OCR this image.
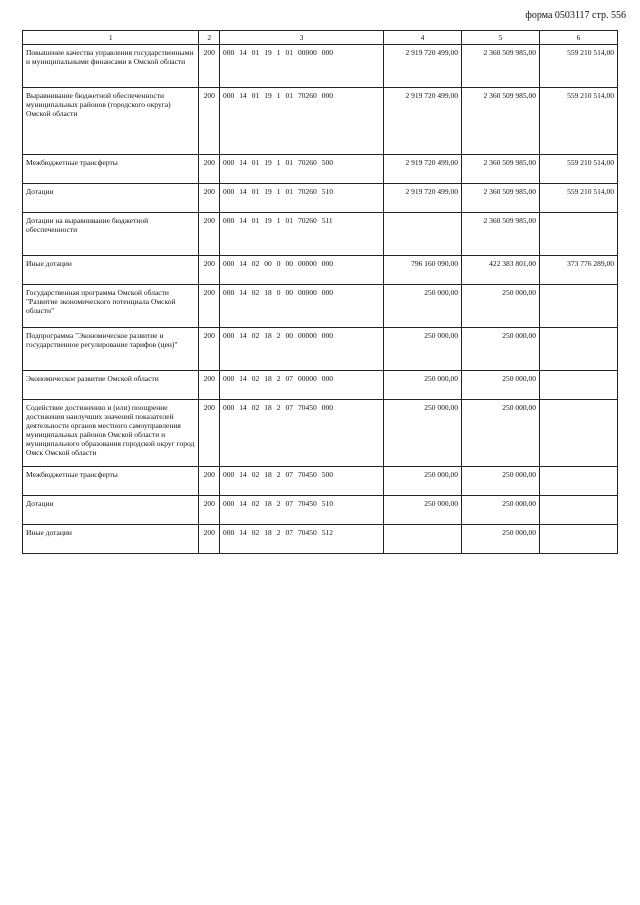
форма 0503117 стр. 556
1	2	3	4	5	6
Повышение качества управления государственными и муниципальными финансами в Омской области	200	000 14 01 19 1 01 00000 000	2 919 720 499,00	2 360 509 985,00	559 210 514,00
Выравнивание бюджетной обеспеченности муниципальных районов (городского округа) Омской области	200	000 14 01 19 1 01 70260 000	2 919 720 499,00	2 360 509 985,00	559 210 514,00
Межбюджетные трансферты	200	000 14 01 19 1 01 70260 500	2 919 720 499,00	2 360 509 985,00	559 210 514,00
Дотации	200	000 14 01 19 1 01 70260 510	2 919 720 499,00	2 360 509 985,00	559 210 514,00
Дотации на выравнивание бюджетной обеспеченности	200	000 14 01 19 1 01 70260 511		2 360 509 985,00	
Иные дотации	200	000 14 02 00 0 00 00000 000	796 160 090,00	422 383 801,00	373 776 289,00
Государственная программа Омской области "Развитие экономического потенциала Омской области"	200	000 14 02 18 0 00 00000 000	250 000,00	250 000,00	
Подпрограмма "Экономическое развитие и государственное регулирование тарифов (цен)"	200	000 14 02 18 2 00 00000 000	250 000,00	250 000,00	
Экономическое развитие Омской области	200	000 14 02 18 2 07 00000 000	250 000,00	250 000,00	
Содействие достижению и (или) поощрение достижения наилучших значений показателей деятельности органов местного самоуправления муниципальных районов Омской области и муниципального образования городской округ город Омск Омской области	200	000 14 02 18 2 07 70450 000	250 000,00	250 000,00	
Межбюджетные трансферты	200	000 14 02 18 2 07 70450 500	250 000,00	250 000,00	
Дотации	200	000 14 02 18 2 07 70450 510	250 000,00	250 000,00	
Иные дотации	200	000 14 02 18 2 07 70450 512		250 000,00	
